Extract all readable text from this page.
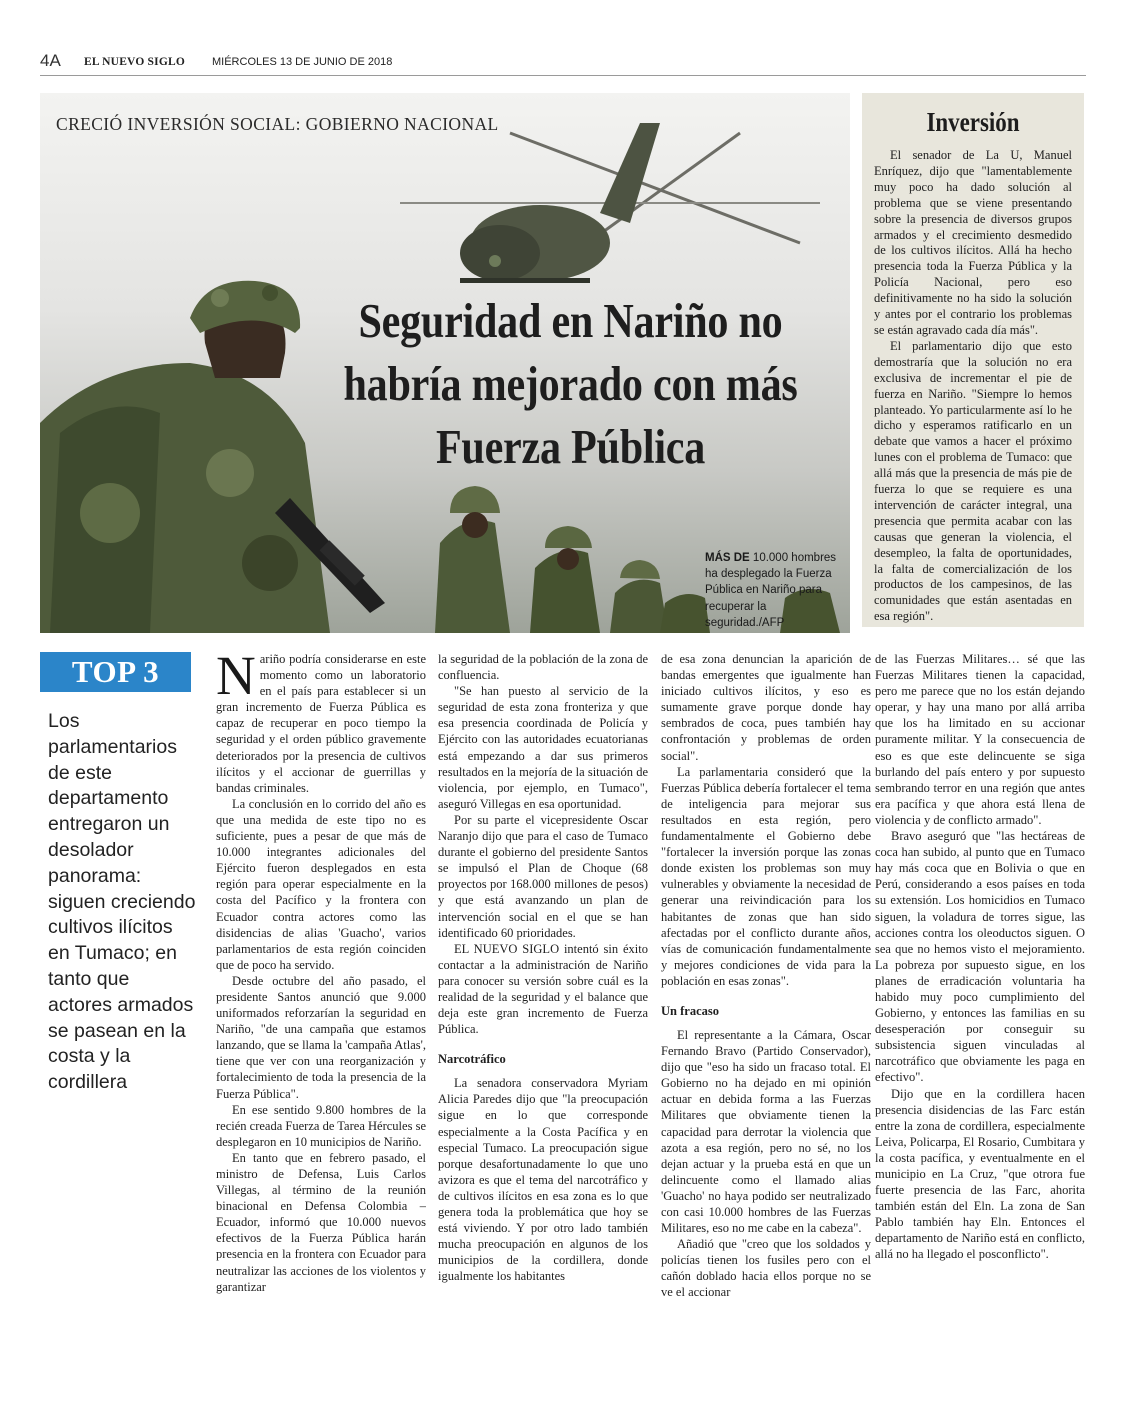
4A EL NUEVO SIGLO MIÉRCOLES 13 DE JUNIO DE 2018
CRECIÓ INVERSIÓN SOCIAL: GOBIERNO NACIONAL
Seguridad en Nariño no habría mejorado con más Fuerza Pública
MÁS DE 10.000 hombres ha desplegado la Fuerza Pública en Nariño para recuperar la seguridad./AFP
Inversión

El senador de La U, Manuel Enríquez, dijo que "lamentablemente muy poco ha dado solución al problema que se viene presentando sobre la presencia de diversos grupos armados y el crecimiento desmedido de los cultivos ilícitos. Allá ha hecho presencia toda la Fuerza Pública y la Policía Nacional, pero eso definitivamente no ha sido la solución y antes por el contrario los problemas se están agravado cada día más".

El parlamentario dijo que esto demostraría que la solución no era exclusiva de incrementar el pie de fuerza en Nariño. "Siempre lo hemos planteado. Yo particularmente así lo he dicho y esperamos ratificarlo en un debate que vamos a hacer el próximo lunes con el problema de Tumaco: que allá más que la presencia de más pie de fuerza lo que se requiere es una intervención de carácter integral, una presencia que permita acabar con las causas que generan la violencia, el desempleo, la falta de oportunidades, la falta de comercialización de los productos de los campesinos, de las comunidades que están asentadas en esa región".

TOP 3
Los parlamentarios de este departamento entregaron un desolador panorama: siguen creciendo cultivos ilícitos en Tumaco; en tanto que actores armados se pasean en la costa y la cordillera

Nariño podría considerarse en este momento como un laboratorio en el país para establecer si un gran incremento de Fuerza Pública es capaz de recuperar en poco tiempo la seguridad y el orden público gravemente deteriorados por la presencia de cultivos ilícitos y el accionar de guerrillas y bandas criminales.

La conclusión en lo corrido del año es que una medida de este tipo no es suficiente, pues a pesar de que más de 10.000 integrantes adicionales del Ejército fueron desplegados en esta región para operar especialmente en la costa del Pacífico y la frontera con Ecuador contra actores como las disidencias de alias 'Guacho', varios parlamentarios de esta región coinciden que de poco ha servido.

Desde octubre del año pasado, el presidente Santos anunció que 9.000 uniformados reforzarían la seguridad en Nariño, "de una campaña que estamos lanzando, que se llama la 'campaña Atlas', tiene que ver con una reorganización y fortalecimiento de toda la presencia de la Fuerza Pública".

En ese sentido 9.800 hombres de la recién creada Fuerza de Tarea Hércules se desplegaron en 10 municipios de Nariño.

En tanto que en febrero pasado, el ministro de Defensa, Luis Carlos Villegas, al término de la reunión binacional en Defensa Colombia – Ecuador, informó que 10.000 nuevos efectivos de la Fuerza Pública harán presencia en la frontera con Ecuador para neutralizar las acciones de los violentos y garantizar

la seguridad de la población de la zona de confluencia.

"Se han puesto al servicio de la seguridad de esta zona fronteriza y que esa presencia coordinada de Policía y Ejército con las autoridades ecuatorianas está empezando a dar sus primeros resultados en la mejoría de la situación de violencia, por ejemplo, en Tumaco", aseguró Villegas en esa oportunidad.

Por su parte el vicepresidente Oscar Naranjo dijo que para el caso de Tumaco durante el gobierno del presidente Santos se impulsó el Plan de Choque (68 proyectos por 168.000 millones de pesos) y que está avanzando un plan de intervención social en el que se han identificado 60 prioridades.

EL NUEVO SIGLO intentó sin éxito contactar a la administración de Nariño para conocer su versión sobre cuál es la realidad de la seguridad y el balance que deja este gran incremento de Fuerza Pública.

Narcotráfico

La senadora conservadora Myriam Alicia Paredes dijo que "la preocupación sigue en lo que corresponde especialmente a la Costa Pacífica y en especial Tumaco. La preocupación sigue porque desafortunadamente lo que uno avizora es que el tema del narcotráfico y de cultivos ilícitos en esa zona es lo que genera toda la problemática que hoy se está viviendo. Y por otro lado también mucha preocupación en algunos de los municipios de la cordillera, donde igualmente los habitantes

de esa zona denuncian la aparición de bandas emergentes que igualmente han iniciado cultivos ilícitos, y eso es sumamente grave porque donde hay sembrados de coca, pues también hay confrontación y problemas de orden social".

La parlamentaria consideró que la Fuerzas Pública debería fortalecer el tema de inteligencia para mejorar sus resultados en esta región, pero fundamentalmente el Gobierno debe "fortalecer la inversión porque las zonas donde existen los problemas son muy vulnerables y obviamente la necesidad de generar una reivindicación para los habitantes de zonas que han sido afectadas por el conflicto durante años, vías de comunicación fundamentalmente y mejores condiciones de vida para la población en esas zonas".

Un fracaso

El representante a la Cámara, Oscar Fernando Bravo (Partido Conservador), dijo que "eso ha sido un fracaso total. El Gobierno no ha dejado en mi opinión actuar en debida forma a las Fuerzas Militares que obviamente tienen la capacidad para derrotar la violencia que azota a esa región, pero no sé, no los dejan actuar y la prueba está en que un delincuente como el llamado alias 'Guacho' no haya podido ser neutralizado con casi 10.000 hombres de las Fuerzas Militares, eso no me cabe en la cabeza".

Añadió que "creo que los soldados y policías tienen los fusiles pero con el cañón doblado hacia ellos porque no se ve el accionar

de las Fuerzas Militares… sé que las Fuerzas Militares tienen la capacidad, pero me parece que no los están dejando operar, y hay una mano por allá arriba que los ha limitado en su accionar puramente militar. Y la consecuencia de eso es que este delincuente se siga burlando del país entero y por supuesto sembrando terror en una región que antes era pacífica y que ahora está llena de violencia y de conflicto armado".

Bravo aseguró que "las hectáreas de coca han subido, al punto que en Tumaco hay más coca que en Bolivia o que en Perú, considerando a esos países en toda su extensión. Los homicidios en Tumaco siguen, la voladura de torres sigue, las acciones contra los oleoductos siguen. O sea que no hemos visto el mejoramiento. La pobreza por supuesto sigue, en los planes de erradicación voluntaria ha habido muy poco cumplimiento del Gobierno, y entonces las familias en su desesperación por conseguir su subsistencia siguen vinculadas al narcotráfico que obviamente les paga en efectivo".

Dijo que en la cordillera hacen presencia disidencias de las Farc están entre la zona de cordillera, especialmente Leiva, Policarpa, El Rosario, Cumbitara y la costa pacífica, y eventualmente en el municipio en La Cruz, "que otrora fue fuerte presencia de las Farc, ahorita también están del Eln. La zona de San Pablo también hay Eln. Entonces el departamento de Nariño está en conflicto, allá no ha llegado el posconflicto".
